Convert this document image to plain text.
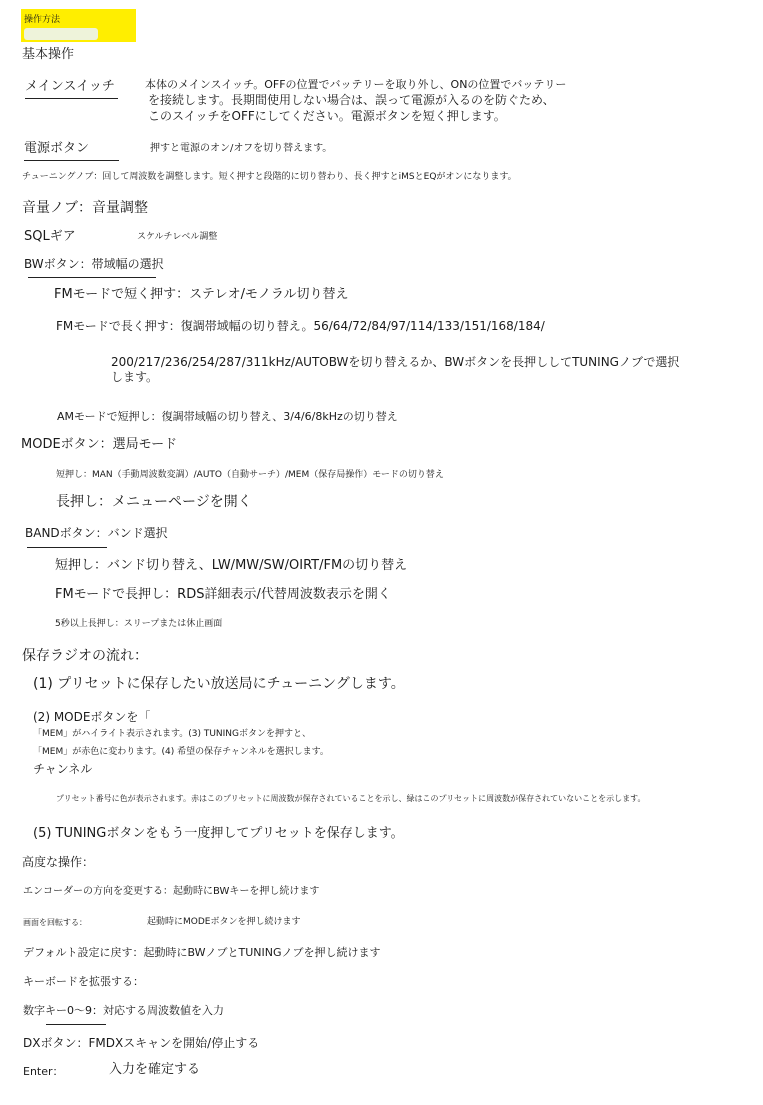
操作方法
基本操作
メインスイッチ	本体のメインスイッチ。OFFの位置でバッテリーを取り外し、ONの位置でバッテリー
を接続します。長期間使用しない場合は、誤って電源が入るのを防ぐため、
このスイッチをOFFにしてください。電源ボタンを短く押します。
電源ボタン	押すと電源のオン/オフを切り替えます。
チューニングノブ：回して周波数を調整します。短く押すと段階的に切り替わり、長く押すとiMSとEQがオンになります。
音量ノブ：音量調整
SQLギア	スケルチレベル調整
BWボタン：帯域幅の選択
FMモードで短く押す：ステレオ/モノラル切り替え
FMモードで長く押す：復調帯域幅の切り替え。56/64/72/84/97/114/133/151/168/184/
200/217/236/254/287/311kHz/AUTOBWを切り替えるか、BWボタンを長押ししてTUNINGノブで選択します。
AMモードで短押し：復調帯域幅の切り替え、3/4/6/8kHzの切り替え
MODEボタン：選局モード
短押し：MAN（手動周波数変調）/AUTO（自動サーチ）/MEM（保存局操作）モードの切り替え
長押し：メニューページを開く
BANDボタン：バンド選択
短押し：バンド切り替え、LW/MW/SW/OIRT/FMの切り替え
FMモードで長押し：RDS詳細表示/代替周波数表示を開く
5秒以上長押し：スリープまたは休止画面
保存ラジオの流れ：
(1) プリセットに保存したい放送局にチューニングします。
(2) MODEボタンを「
「MEM」がハイライト表示されます。(3) TUNINGボタンを押すと、
「MEM」が赤色に変わります。(4) 希望の保存チャンネルを選択します。
チャンネル
プリセット番号に色が表示されます。赤はこのプリセットに周波数が保存されていることを示し、緑はこのプリセットに周波数が保存されていないことを示します。
(5) TUNINGボタンをもう一度押してプリセットを保存します。
高度な操作：
エンコーダーの方向を変更する：起動時にBWキーを押し続けます
画面を回転する：	起動時にMODEボタンを押し続けます
デフォルト設定に戻す：起動時にBWノブとTUNINGノブを押し続けます
キーボードを拡張する：
数字キー0〜9：対応する周波数値を入力
DXボタン：FMDXスキャンを開始/停止する
Enter：	入力を確定する
